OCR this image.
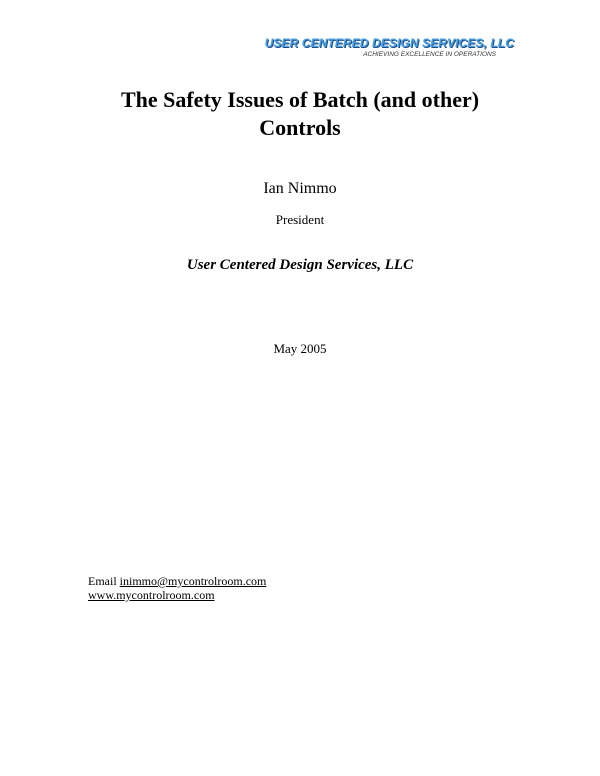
USER CENTERED DESIGN SERVICES, LLC
ACHIEVING EXCELLENCE IN OPERATIONS
The Safety Issues of Batch (and other)
Controls
Ian Nimmo
President
User Centered Design Services, LLC
May 2005
Email inimmo@mycontrolroom.com
www.mycontrolroom.com
